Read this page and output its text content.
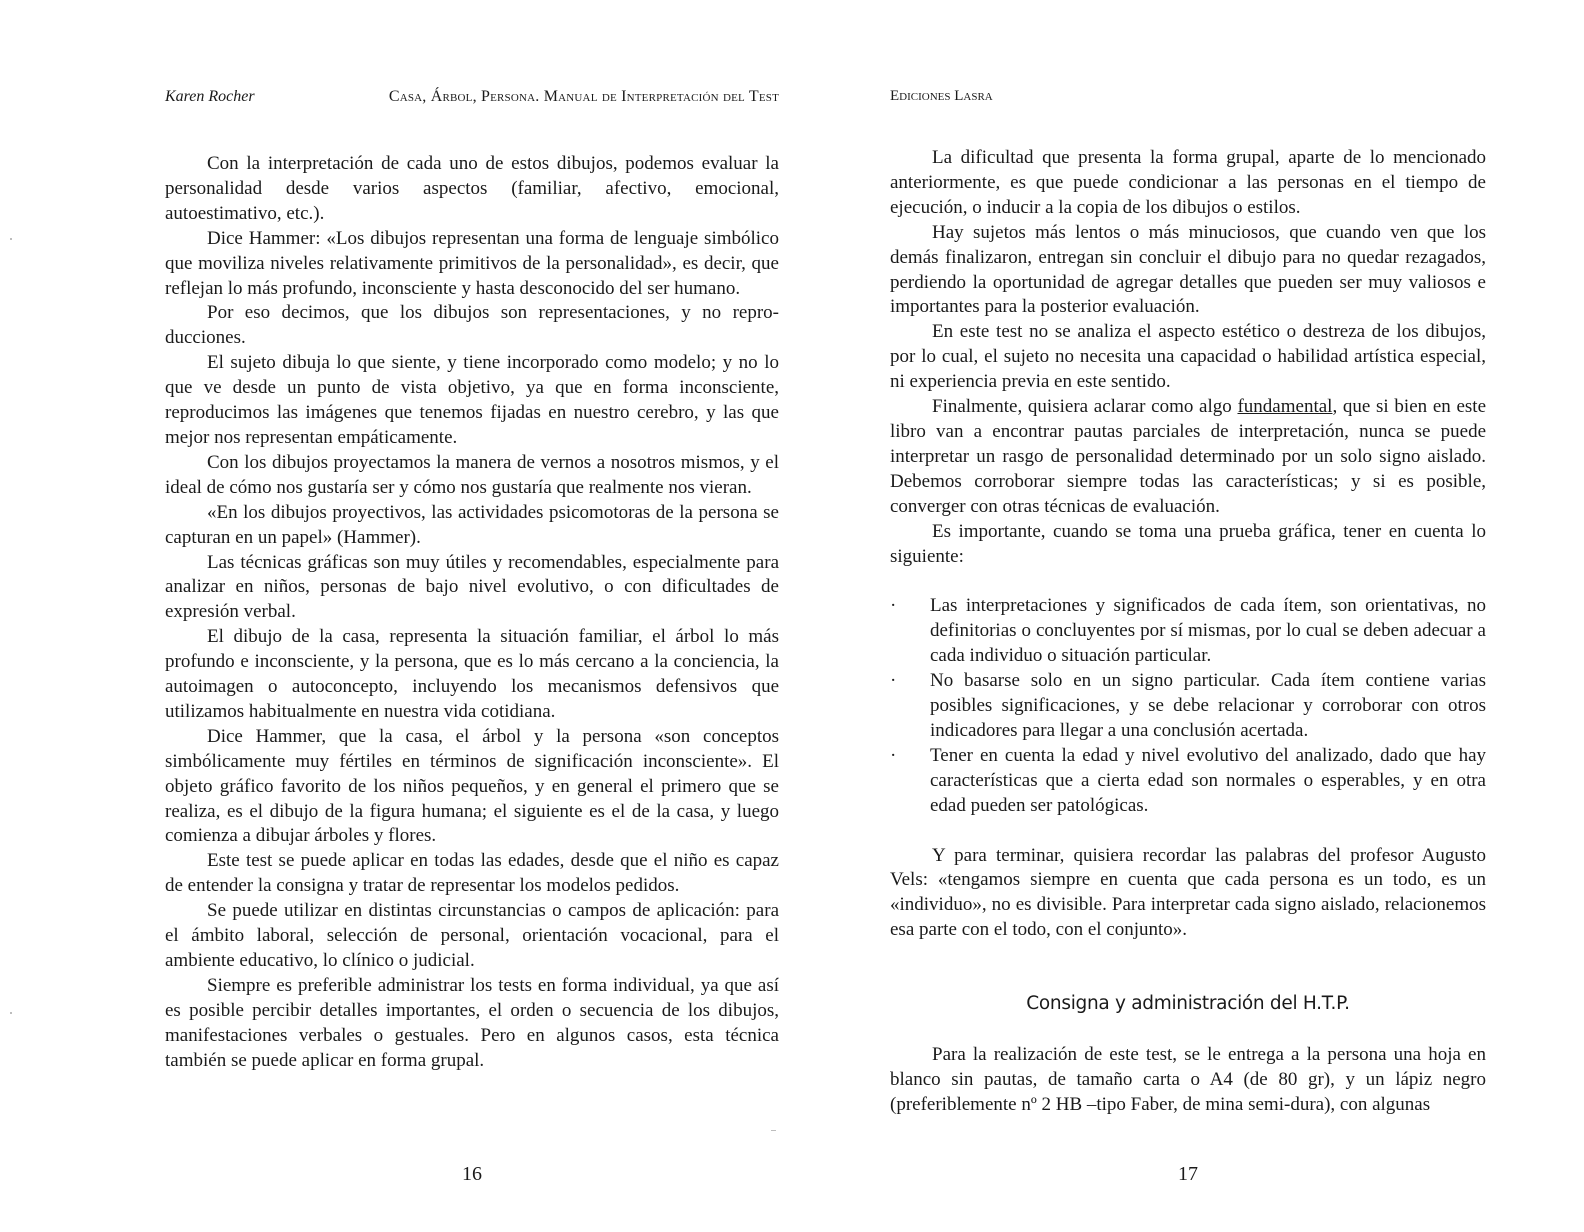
Karen Rocher	Casa, Árbol, Persona. Manual de Interpretación del Test

Con la interpretación de cada uno de estos dibujos, podemos evaluar la personalidad desde varios aspectos (familiar, afectivo, emocional, autoestimativo, etc.).

Dice Hammer: «Los dibujos representan una forma de lenguaje simbólico que moviliza niveles relativamente primitivos de la personalidad», es decir, que reflejan lo más profundo, inconsciente y hasta desconocido del ser humano.

Por eso decimos, que los dibujos son representaciones, y no reproducciones.

El sujeto dibuja lo que siente, y tiene incorporado como modelo; y no lo que ve desde un punto de vista objetivo, ya que en forma inconsciente, reproducimos las imágenes que tenemos fijadas en nuestro cerebro, y las que mejor nos representan empáticamente.

Con los dibujos proyectamos la manera de vernos a nosotros mismos, y el ideal de cómo nos gustaría ser y cómo nos gustaría que realmente nos vieran.

«En los dibujos proyectivos, las actividades psicomotoras de la persona se capturan en un papel» (Hammer).

Las técnicas gráficas son muy útiles y recomendables, especialmente para analizar en niños, personas de bajo nivel evolutivo, o con dificultades de expresión verbal.

El dibujo de la casa, representa la situación familiar, el árbol lo más profundo e inconsciente, y la persona, que es lo más cercano a la conciencia, la autoimagen o autoconcepto, incluyendo los mecanismos defensivos que utilizamos habitualmente en nuestra vida cotidiana.

Dice Hammer, que la casa, el árbol y la persona «son conceptos simbólicamente muy fértiles en términos de significación inconsciente». El objeto gráfico favorito de los niños pequeños, y en general el primero que se realiza, es el dibujo de la figura humana; el siguiente es el de la casa, y luego comienza a dibujar árboles y flores.

Este test se puede aplicar en todas las edades, desde que el niño es capaz de entender la consigna y tratar de representar los modelos pedidos.

Se puede utilizar en distintas circunstancias o campos de aplicación: para el ámbito laboral, selección de personal, orientación vocacional, para el ambiente educativo, lo clínico o judicial.

Siempre es preferible administrar los tests en forma individual, ya que así es posible percibir detalles importantes, el orden o secuencia de los dibujos, manifestaciones verbales o gestuales. Pero en algunos casos, esta técnica también se puede aplicar en forma grupal.

16
Ediciones Lasra

La dificultad que presenta la forma grupal, aparte de lo mencionado anteriormente, es que puede condicionar a las personas en el tiempo de ejecución, o inducir a la copia de los dibujos o estilos.

Hay sujetos más lentos o más minuciosos, que cuando ven que los demás finalizaron, entregan sin concluir el dibujo para no quedar rezagados, perdiendo la oportunidad de agregar detalles que pueden ser muy valiosos e importantes para la posterior evaluación.

En este test no se analiza el aspecto estético o destreza de los dibujos, por lo cual, el sujeto no necesita una capacidad o habilidad artística especial, ni experiencia previa en este sentido.

Finalmente, quisiera aclarar como algo fundamental, que si bien en este libro van a encontrar pautas parciales de interpretación, nunca se puede interpretar un rasgo de personalidad determinado por un solo signo aislado. Debemos corroborar siempre todas las características; y si es posible, converger con otras técnicas de evaluación.

Es importante, cuando se toma una prueba gráfica, tener en cuenta lo siguiente:

· Las interpretaciones y significados de cada ítem, son orientativas, no definitorias o concluyentes por sí mismas, por lo cual se deben adecuar a cada individuo o situación particular.
· No basarse solo en un signo particular. Cada ítem contiene varias posibles significaciones, y se debe relacionar y corroborar con otros indicadores para llegar a una conclusión acertada.
· Tener en cuenta la edad y nivel evolutivo del analizado, dado que hay características que a cierta edad son normales o esperables, y en otra edad pueden ser patológicas.

Y para terminar, quisiera recordar las palabras del profesor Augusto Vels: «tengamos siempre en cuenta que cada persona es un todo, es un «individuo», no es divisible. Para interpretar cada signo aislado, relacionemos esa parte con el todo, con el conjunto».

Consigna y administración del H.T.P.

Para la realización de este test, se le entrega a la persona una hoja en blanco sin pautas, de tamaño carta o A4 (de 80 gr), y un lápiz negro (preferiblemente nº 2 HB –tipo Faber, de mina semi-dura), con algunas

17
